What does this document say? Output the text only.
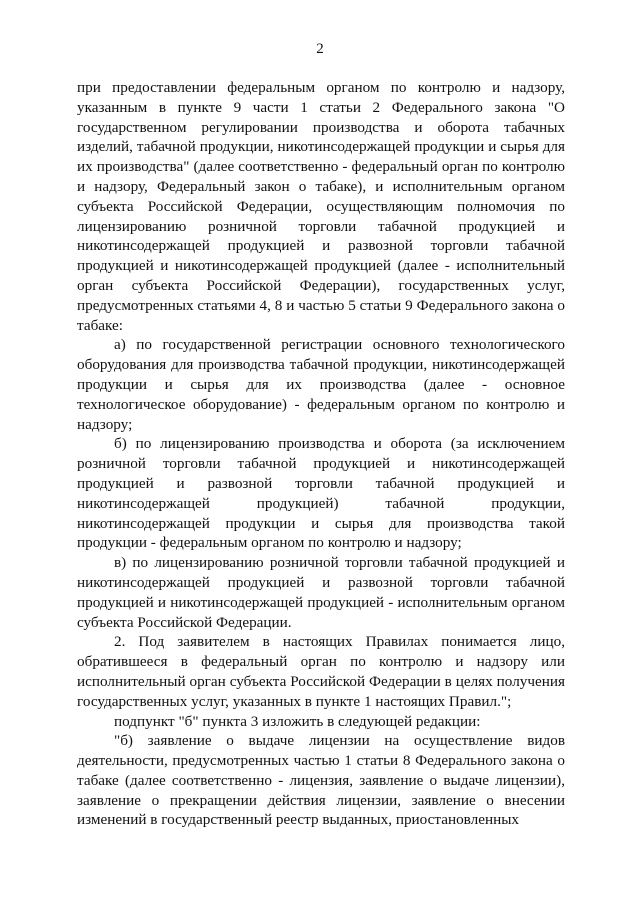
2

при предоставлении федеральным органом по контролю и надзору, указанным в пункте 9 части 1 статьи 2 Федерального закона "О государственном регулировании производства и оборота табачных изделий, табачной продукции, никотинсодержащей продукции и сырья для их производства" (далее соответственно - федеральный орган по контролю и надзору, Федеральный закон о табаке), и исполнительным органом субъекта Российской Федерации, осуществляющим полномочия по лицензированию розничной торговли табачной продукцией и никотинсодержащей продукцией и развозной торговли табачной продукцией и никотинсодержащей продукцией (далее - исполнительный орган субъекта Российской Федерации), государственных услуг, предусмотренных статьями 4, 8 и частью 5 статьи 9 Федерального закона о табаке:

а) по государственной регистрации основного технологического оборудования для производства табачной продукции, никотинсодержащей продукции и сырья для их производства (далее - основное технологическое оборудование) - федеральным органом по контролю и надзору;

б) по лицензированию производства и оборота (за исключением розничной торговли табачной продукцией и никотинсодержащей продукцией и развозной торговли табачной продукцией и никотинсодержащей продукцией) табачной продукции, никотинсодержащей продукции и сырья для производства такой продукции - федеральным органом по контролю и надзору;

в) по лицензированию розничной торговли табачной продукцией и никотинсодержащей продукцией и развозной торговли табачной продукцией и никотинсодержащей продукцией - исполнительным органом субъекта Российской Федерации.

2. Под заявителем в настоящих Правилах понимается лицо, обратившееся в федеральный орган по контролю и надзору или исполнительный орган субъекта Российской Федерации в целях получения государственных услуг, указанных в пункте 1 настоящих Правил.";

подпункт "б" пункта 3 изложить в следующей редакции:

"б) заявление о выдаче лицензии на осуществление видов деятельности, предусмотренных частью 1 статьи 8 Федерального закона о табаке (далее соответственно - лицензия, заявление о выдаче лицензии), заявление о прекращении действия лицензии, заявление о внесении изменений в государственный реестр выданных, приостановленных
